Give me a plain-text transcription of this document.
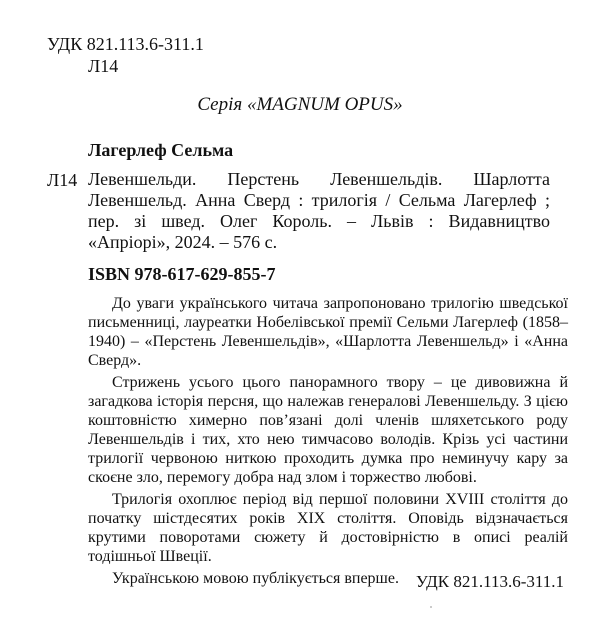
УДК 821.113.6-311.1
Л14
Серія «MAGNUM OPUS»
Лагерлеф Сельма
Л14 Левеншельди. Перстень Левеншельдів. Шарлотта Левеншельд. Анна Сверд : трилогія / Сельма Лагерлеф ; пер. зі швед. Олег Король. – Львів : Видавництво «Апріорі», 2024. – 576 с.
ISBN 978-617-629-855-7

До уваги українського читача запропоновано трилогію шведської письменниці, лауреатки Нобелівської премії Сельми Лагерлеф (1858–1940) – «Перстень Левеншельдів», «Шарлотта Левеншельд» і «Анна Сверд».

Стрижень усього цього панорамного твору – це дивовижна й загадкова історія персня, що належав генералові Левеншельду. З цією коштовністю химерно пов’язані долі членів шляхетського роду Левеншельдів і тих, хто нею тимчасово володів. Крізь усі частини трилогії червоною ниткою проходить думка про неминучу кару за скоєне зло, перемогу добра над злом і торжество любові.

Трилогія охоплює період від першої половини XVIII століття до початку шістдесятих років XIX століття. Оповідь відзначається крутими поворотами сюжету й достовірністю в описі реалій тодішньої Швеції.

Українською мовою публікується вперше. УДК 821.113.6-311.1
